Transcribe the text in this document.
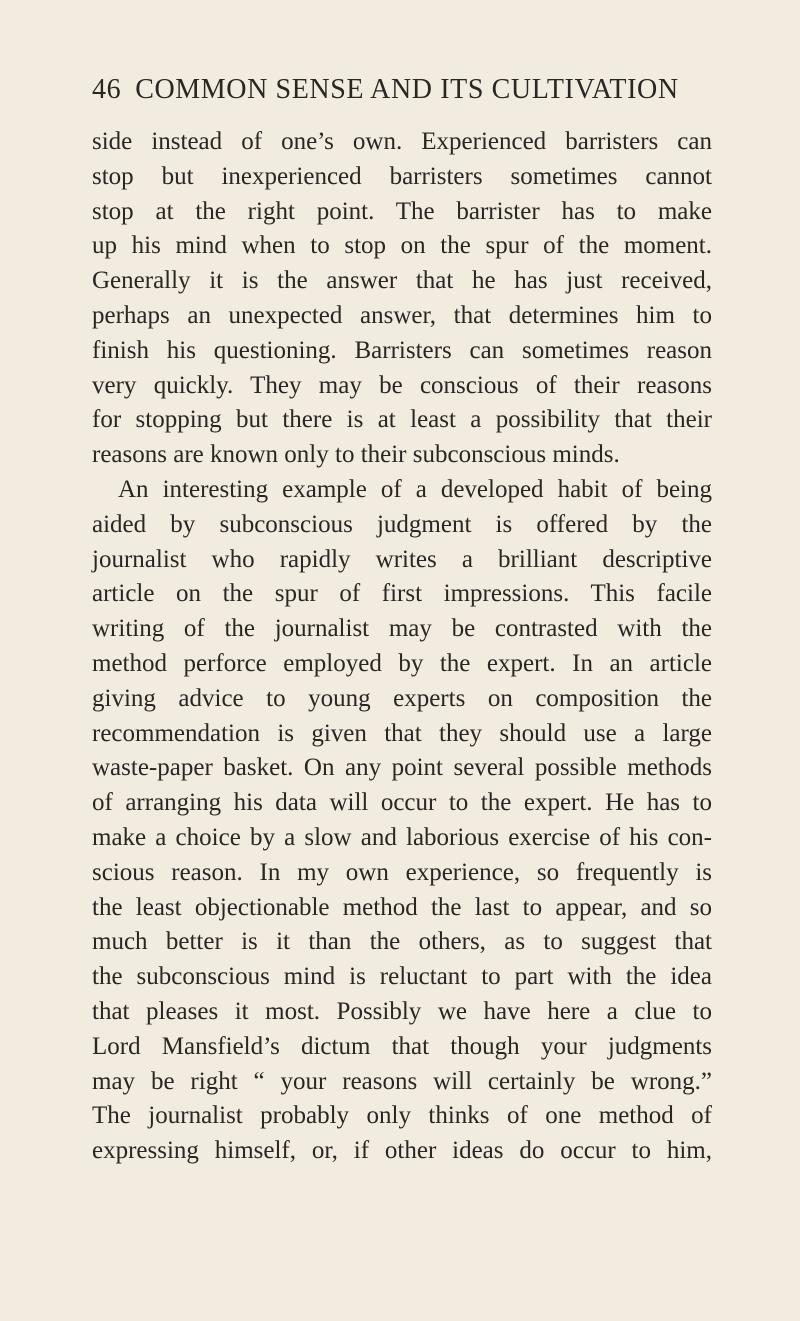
46 COMMON SENSE AND ITS CULTIVATION
side instead of one’s own. Experienced barristers can
stop but inexperienced barristers sometimes cannot
stop at the right point. The barrister has to make
up his mind when to stop on the spur of the moment.
Generally it is the answer that he has just received,
perhaps an unexpected answer, that determines him to
finish his questioning. Barristers can sometimes reason
very quickly. They may be conscious of their reasons
for stopping but there is at least a possibility that their
reasons are known only to their subconscious minds.
An interesting example of a developed habit of being
aided by subconscious judgment is offered by the
journalist who rapidly writes a brilliant descriptive
article on the spur of first impressions. This facile
writing of the journalist may be contrasted with the
method perforce employed by the expert. In an article
giving advice to young experts on composition the
recommendation is given that they should use a large
waste-paper basket. On any point several possible methods
of arranging his data will occur to the expert. He has to
make a choice by a slow and laborious exercise of his con-
scious reason. In my own experience, so frequently is
the least objectionable method the last to appear, and so
much better is it than the others, as to suggest that
the subconscious mind is reluctant to part with the idea
that pleases it most. Possibly we have here a clue to
Lord Mansfield’s dictum that though your judgments
may be right “ your reasons will certainly be wrong.”
The journalist probably only thinks of one method of
expressing himself, or, if other ideas do occur to him,
